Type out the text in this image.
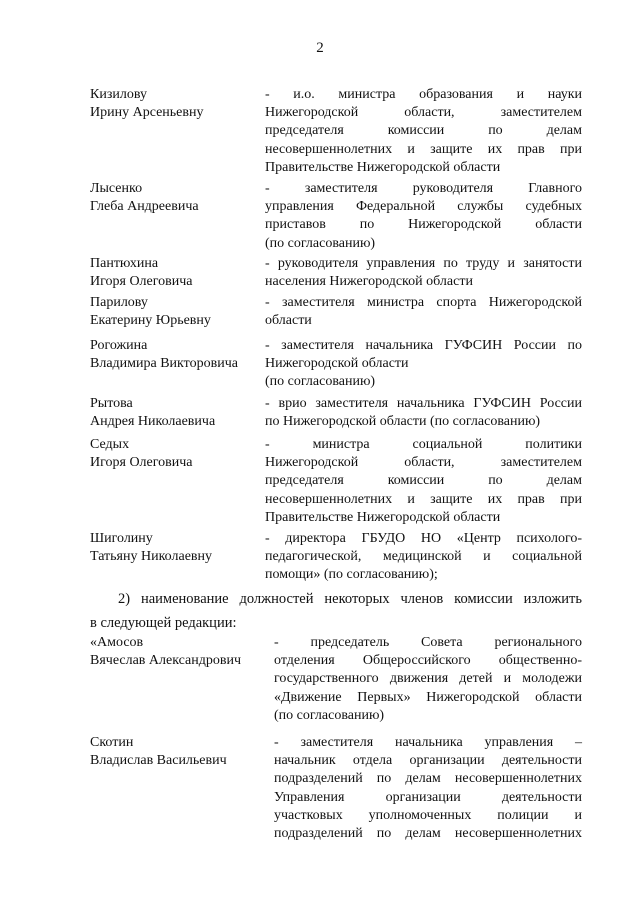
2
Кизилову
Ирину Арсеньевну
- и.о. министра образования и науки
Нижегородской области, заместителем
председателя комиссии по делам
несовершеннолетних и защите их прав при
Правительстве Нижегородской области
Лысенко
Глеба Андреевича
- заместителя руководителя Главного
управления Федеральной службы судебных
приставов по Нижегородской области
(по согласованию)
Пантюхина
Игоря Олеговича
- руководителя управления по труду и занятости
населения Нижегородской области
Парилову
Екатерину Юрьевну
- заместителя министра спорта Нижегородской
области
Рогожина
Владимира Викторовича
- заместителя начальника ГУФСИН России по
Нижегородской области
(по согласованию)
Рытова
Андрея Николаевича
- врио заместителя начальника ГУФСИН России
по Нижегородской области (по согласованию)
Седых
Игоря Олеговича
- министра социальной политики
Нижегородской области, заместителем
председателя комиссии по делам
несовершеннолетних и защите их прав при
Правительстве Нижегородской области
Шиголину
Татьяну Николаевну
- директора ГБУДО НО «Центр психолого-
педагогической, медицинской и социальной
помощи» (по согласованию);
2) наименование должностей некоторых членов комиссии изложить
в следующей редакции:
«Амосов
Вячеслав Александрович
- председатель Совета регионального
отделения Общероссийского общественно-
государственного движения детей и молодежи
«Движение Первых» Нижегородской области
(по согласованию)
Скотин
Владислав Васильевич
- заместителя начальника управления –
начальник отдела организации деятельности
подразделений по делам несовершеннолетних
Управления организации деятельности
участковых уполномоченных полиции и
подразделений по делам несовершеннолетних
